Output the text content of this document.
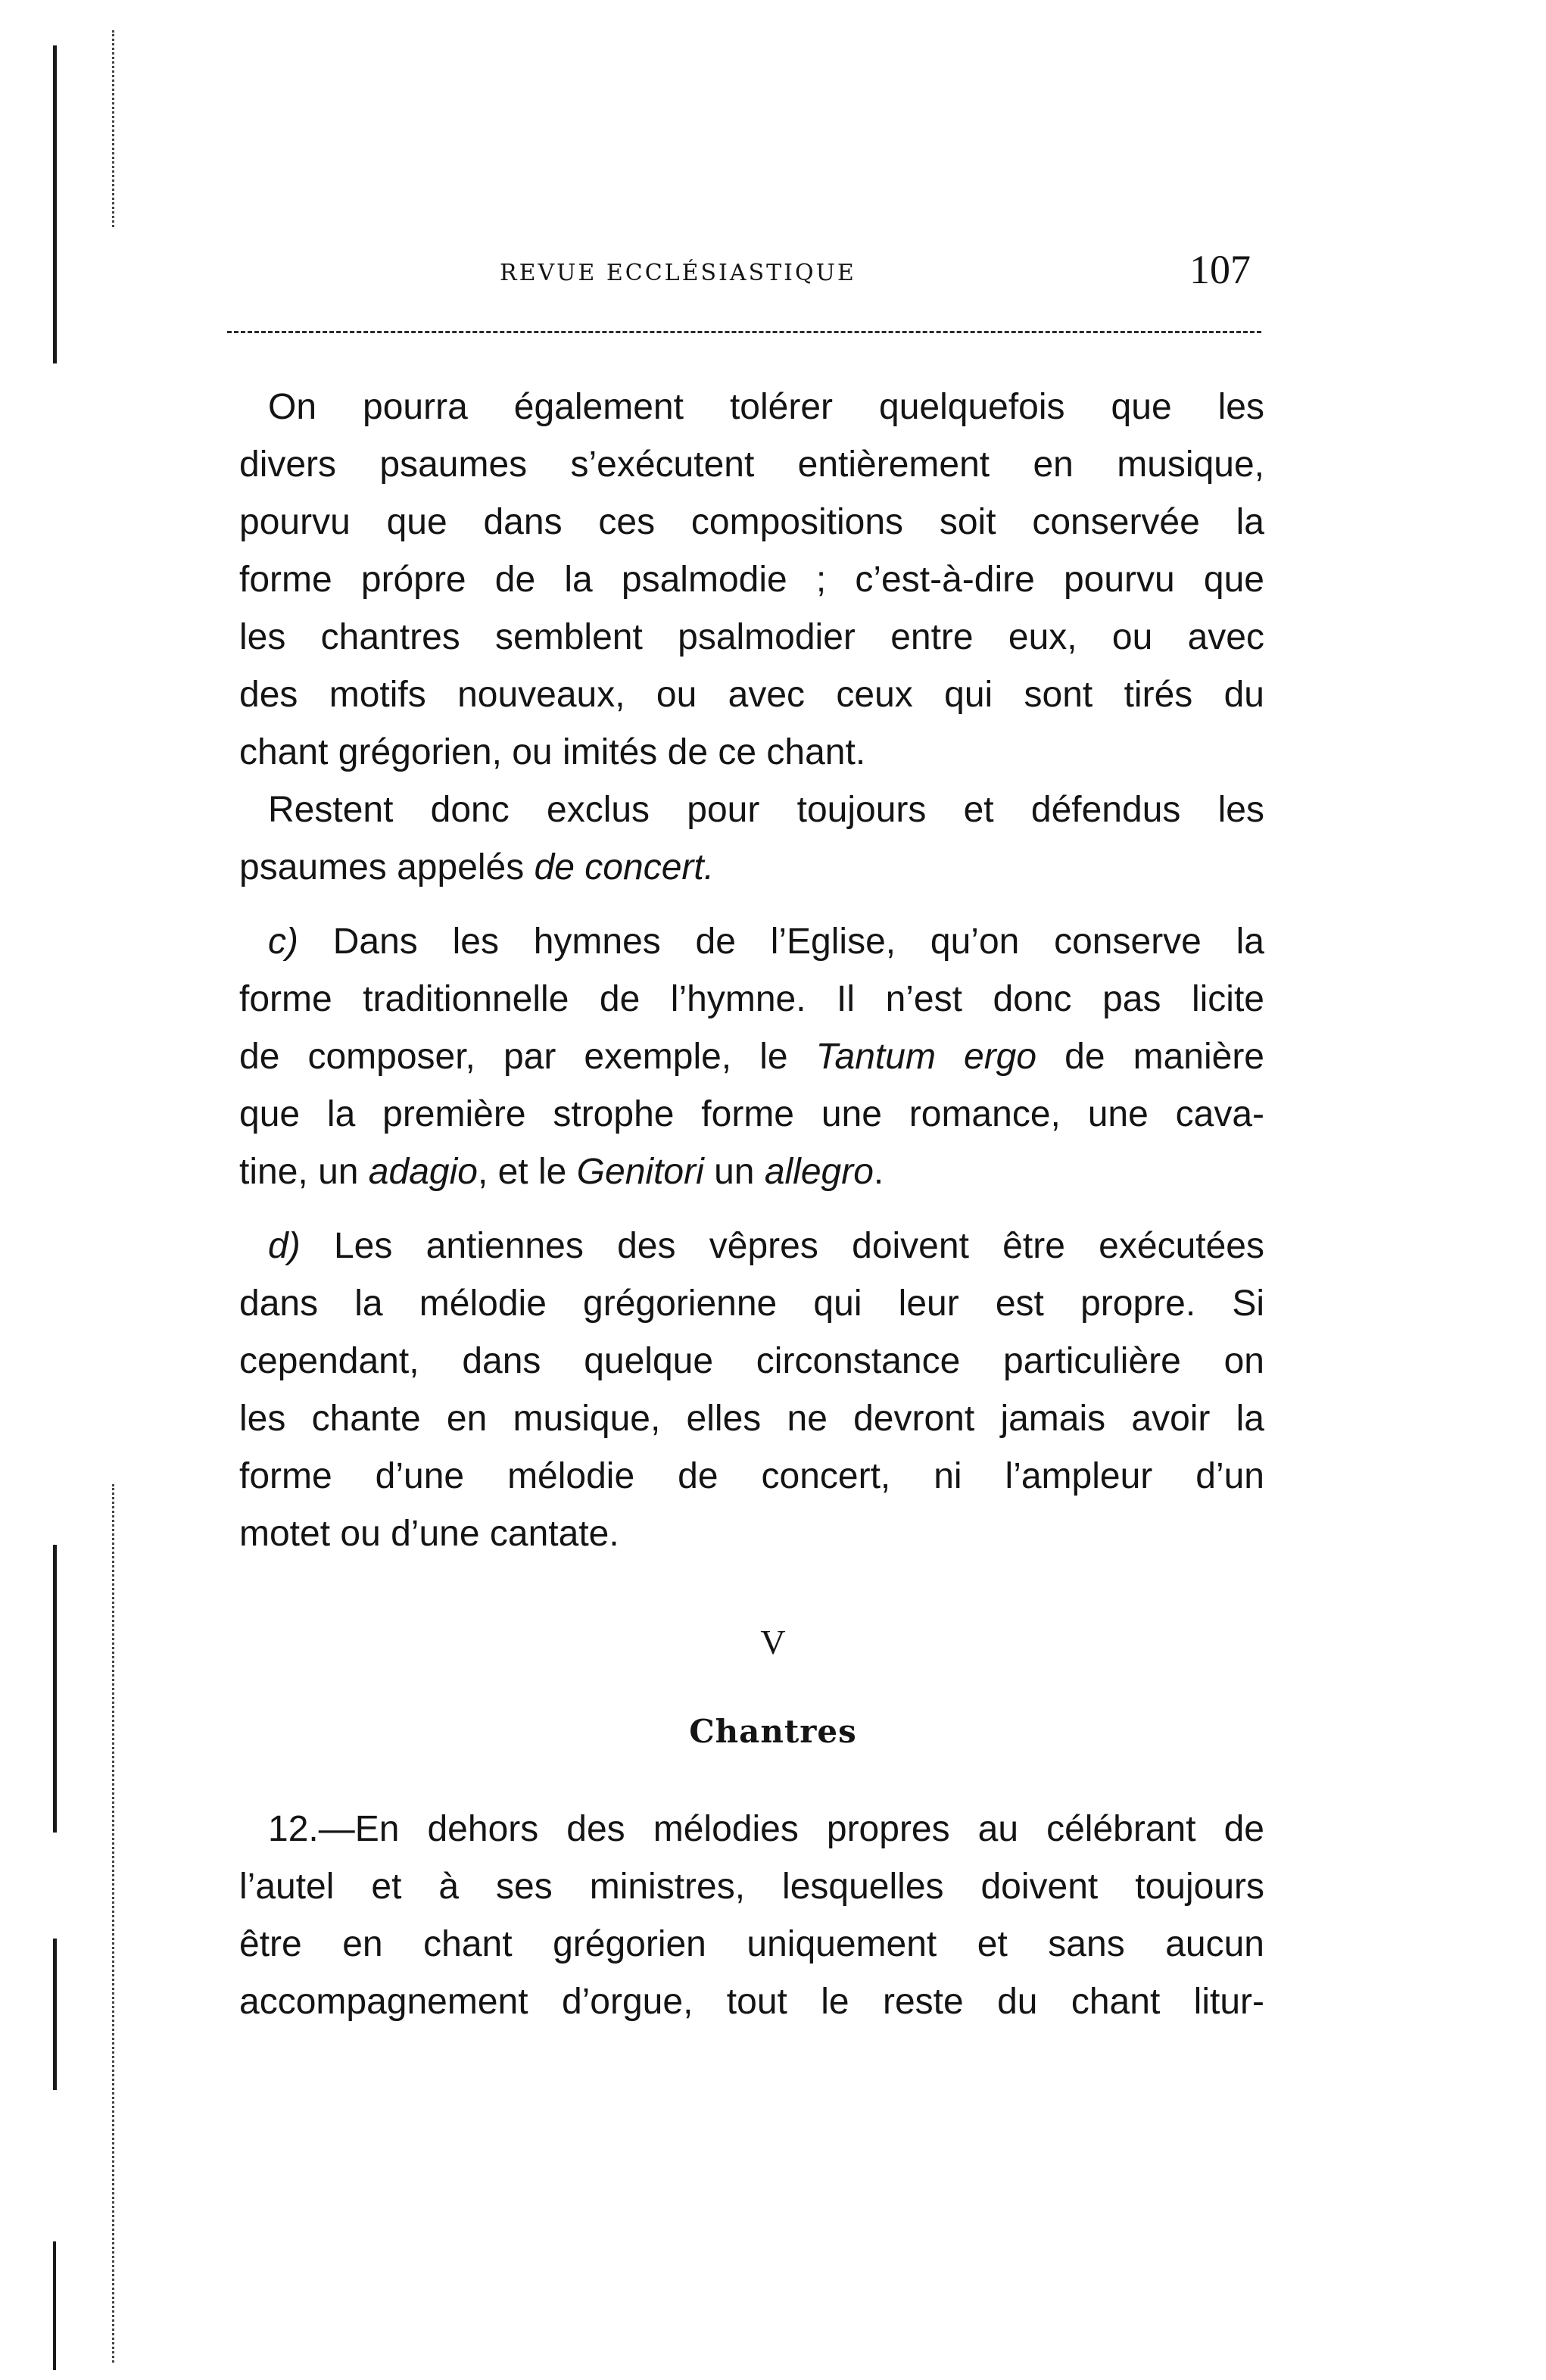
REVUE ECCLÉSIASTIQUE	107
On pourra également tolérer quelquefois que les
divers psaumes s’exécutent entièrement en musique,
pourvu que dans ces compositions soit conservée la
forme própre de la psalmodie ; c’est-à-dire pourvu que
les chantres semblent psalmodier entre eux, ou avec
des motifs nouveaux, ou avec ceux qui sont tirés du
chant grégorien, ou imités de ce chant.
Restent donc exclus pour toujours et défendus les
psaumes appelés de concert.
c) Dans les hymnes de l’Eglise, qu’on conserve la
forme traditionnelle de l’hymne. Il n’est donc pas licite
de composer, par exemple, le Tantum ergo de manière
que la première strophe forme une romance, une cava-
tine, un adagio, et le Genitori un allegro.
d) Les antiennes des vêpres doivent être exécutées
dans la mélodie grégorienne qui leur est propre. Si
cependant, dans quelque circonstance particulière on
les chante en musique, elles ne devront jamais avoir la
forme d’une mélodie de concert, ni l’ampleur d’un
motet ou d’une cantate.
V
Chantres
12.—En dehors des mélodies propres au célébrant de
l’autel et à ses ministres, lesquelles doivent toujours
être en chant grégorien uniquement et sans aucun
accompagnement d’orgue, tout le reste du chant litur-
